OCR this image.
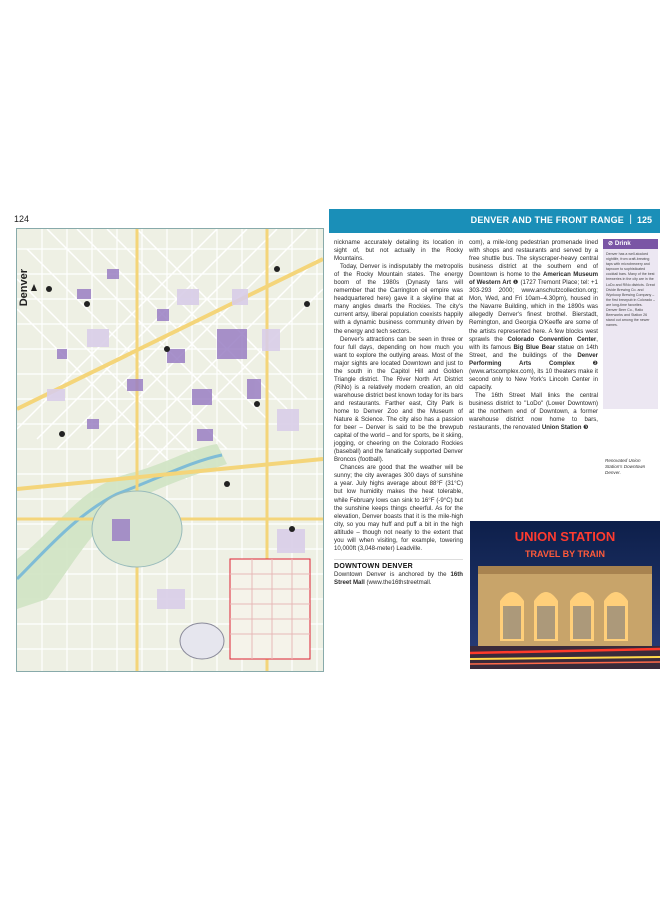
124
Denver
DENVER AND THE FRONT RANGE | 125

nickname accurately detailing its location in sight of, but not actually in the Rocky Mountains.

Today, Denver is indisputably the metropolis of the Rocky Mountain states. The energy boom of the 1980s (Dynasty fans will remember that the Carrington oil empire was headquartered here) gave it a skyline that at many angles dwarfs the Rockies. The city's current artsy, liberal population coexists happily with a dynamic business community driven by the energy and tech sectors.

Denver's attractions can be seen in three or four full days, depending on how much you want to explore the outlying areas. Most of the major sights are located Downtown and just to the south in the Capitol Hill and Golden Triangle district. The River North Art District (RiNo) is a relatively modern creation, an old warehouse district best known today for its bars and restaurants. Farther east, City Park is home to Denver Zoo and the Museum of Nature & Science. The city also has a passion for beer – Denver is said to be the brewpub capital of the world – and for sports, be it skiing, jogging, or cheering on the Colorado Rockies (baseball) and the fanatically supported Denver Broncos (football).

Chances are good that the weather will be sunny; the city averages 300 days of sunshine a year. July highs average about 88°F (31°C) but low humidity makes the heat tolerable, while February lows can sink to 16°F (-9°C) but the sunshine keeps things cheerful. As for the elevation, Denver boasts that it is the mile-high city, so you may huff and puff a bit in the high altitude – though not nearly to the extent that you will when visiting, for example, towering 10,000ft (3,048-meter) Leadville.

DOWNTOWN DENVER

Downtown Denver is anchored by the 16th Street Mall (www.the16thstreetmall.

com), a mile-long pedestrian promenade lined with shops and restaurants and served by a free shuttle bus. The skyscraper-heavy central business district at the southern end of Downtown is home to the American Museum of Western Art ❶ (1727 Tremont Place; tel: +1 303-293 2000; www.anschutzcollection.org; Mon, Wed, and Fri 10am–4.30pm), housed in the Navarre Building, which in the 1890s was allegedly Denver's finest brothel. Bierstadt, Remington, and Georgia O'Keeffe are some of the artists represented here. A few blocks west sprawls the Colorado Convention Center, with its famous Big Blue Bear statue on 14th Street, and the buildings of the Denver Performing Arts Complex ❷ (www.artscomplex.com), its 10 theaters make it second only to New York's Lincoln Center in capacity.

The 16th Street Mall links the central business district to "LoDo" (Lower Downtown) at the northern end of Downtown, a former warehouse district now home to bars, restaurants, the renovated Union Station ❸

⊘ Drink
Denver has a well-stocked nightlife, from craft-brewing taps with microbrewery and taproom to sophisticated cocktail bars. Many of the best breweries in the city are in the LoDo and RiNo districts. Great Divide Brewing Co. and Wynkoop Brewing Company – the first brewpub in Colorado – are long-time favorites. Denver Beer Co., Ratio Beerworks and Station 26 stand out among the newer names.
Renovated Union Station's Downtown Denver.
UNION STATION
TRAVEL BY TRAIN
